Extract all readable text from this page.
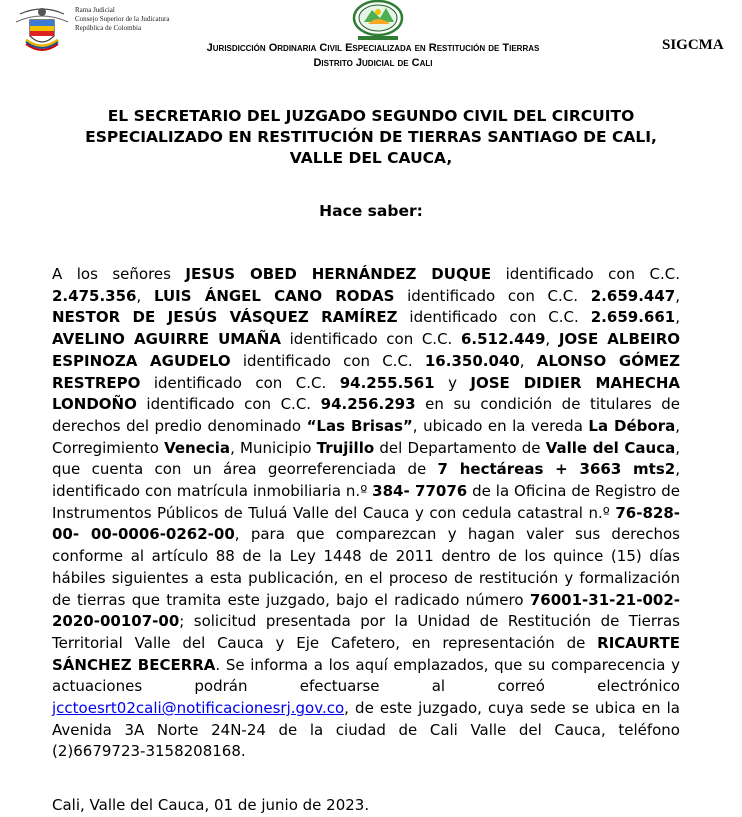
Rama Judicial
Consejo Superior de la Judicatura
República de Colombia
Jurisdicción Ordinaria Civil Especializada en Restitución de Tierras
Distrito Judicial de Cali
SIGCMA
EL SECRETARIO DEL JUZGADO SEGUNDO CIVIL DEL CIRCUITO
ESPECIALIZADO EN RESTITUCIÓN DE TIERRAS SANTIAGO DE CALI,
VALLE DEL CAUCA,
Hace saber:
A los señores JESUS OBED HERNÁNDEZ DUQUE identificado con C.C. 2.475.356, LUIS ÁNGEL CANO RODAS identificado con C.C. 2.659.447, NESTOR DE JESÚS VÁSQUEZ RAMÍREZ identificado con C.C. 2.659.661, AVELINO AGUIRRE UMAÑA identificado con C.C. 6.512.449, JOSE ALBEIRO ESPINOZA AGUDELO identificado con C.C. 16.350.040, ALONSO GÓMEZ RESTREPO identificado con C.C. 94.255.561 y JOSE DIDIER MAHECHA LONDOÑO identificado con C.C. 94.256.293 en su condición de titulares de derechos del predio denominado “Las Brisas”, ubicado en la vereda La Débora, Corregimiento Venecia, Municipio Trujillo del Departamento de Valle del Cauca, que cuenta con un área georreferenciada de 7 hectáreas + 3663 mts2, identificado con matrícula inmobiliaria n.º 384- 77076 de la Oficina de Registro de Instrumentos Públicos de Tuluá Valle del Cauca y con cedula catastral n.º 76-828-00- 00-0006-0262-00, para que comparezcan y hagan valer sus derechos conforme al artículo 88 de la Ley 1448 de 2011 dentro de los quince (15) días hábiles siguientes a esta publicación, en el proceso de restitución y formalización de tierras que tramita este juzgado, bajo el radicado número 76001-31-21-002-2020-00107-00; solicitud presentada por la Unidad de Restitución de Tierras Territorial Valle del Cauca y Eje Cafetero, en representación de RICAURTE SÁNCHEZ BECERRA. Se informa a los aquí emplazados, que su comparecencia y actuaciones podrán efectuarse al correó electrónico jcctoesrt02cali@notificacionesrj.gov.co, de este juzgado, cuya sede se ubica en la Avenida 3A Norte 24N-24 de la ciudad de Cali Valle del Cauca, teléfono (2)6679723-3158208168.
Cali, Valle del Cauca, 01 de junio de 2023.
